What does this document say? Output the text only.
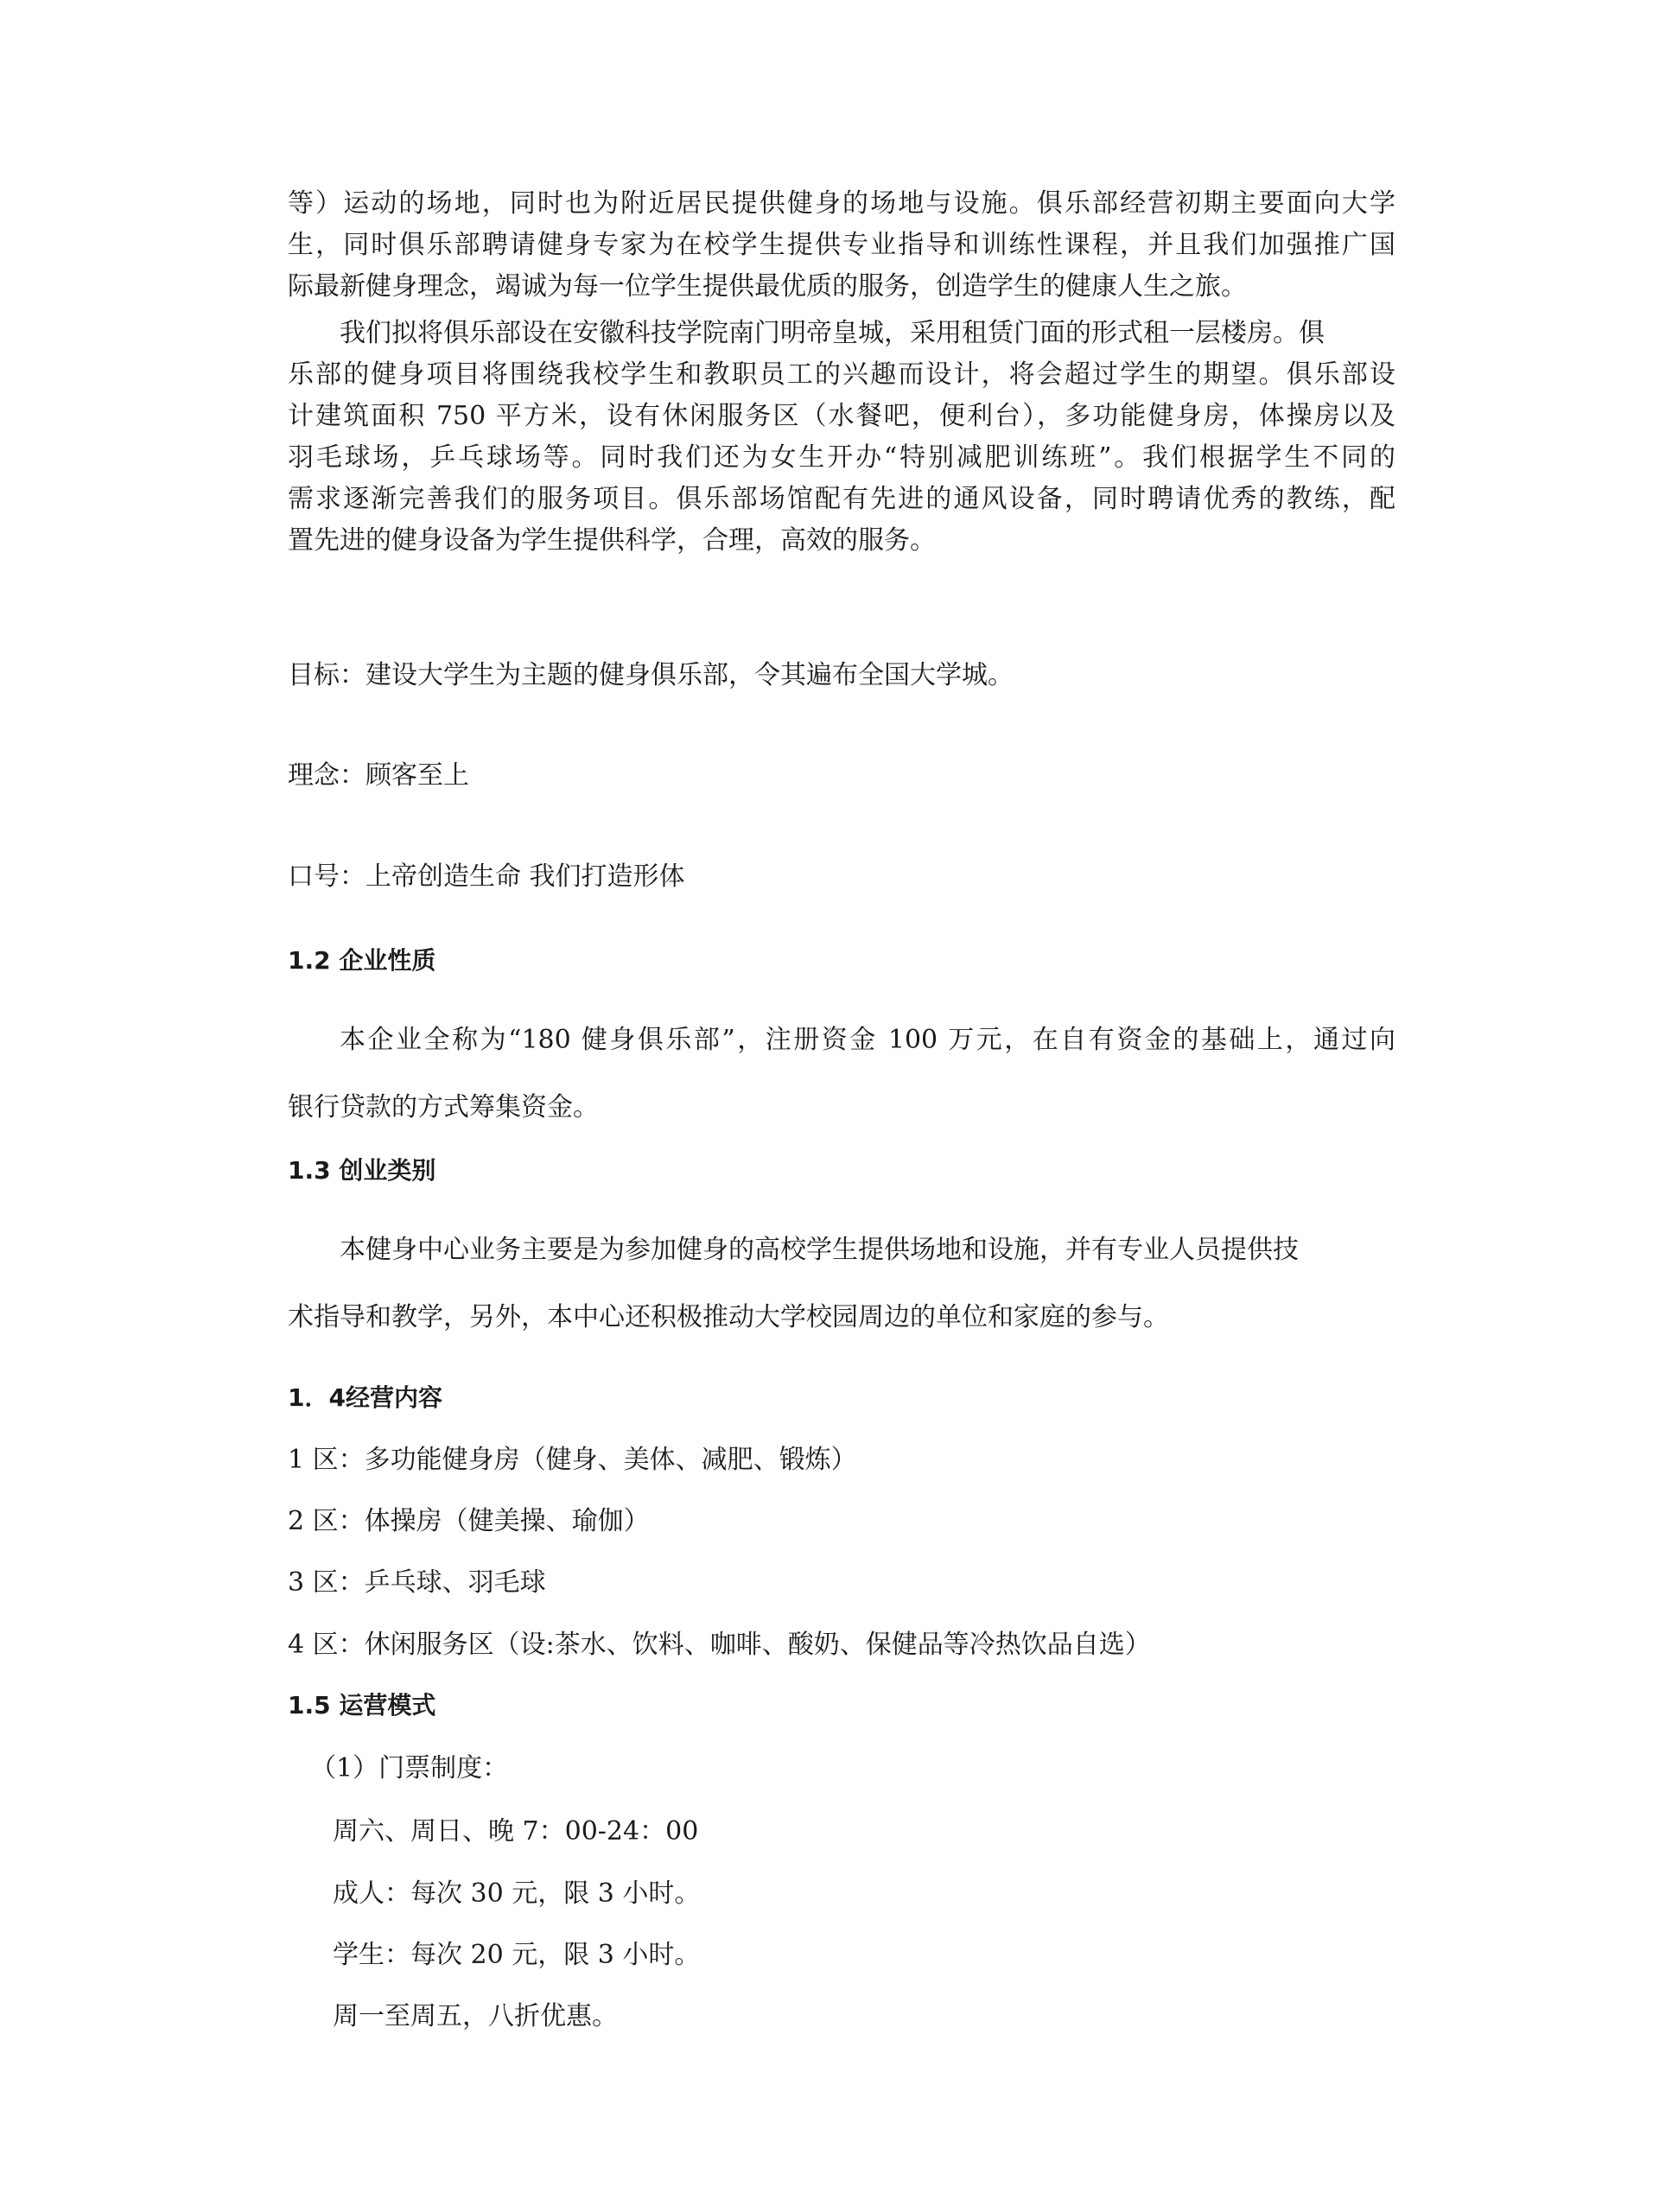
等）运动的场地，同时也为附近居民提供健身的场地与设施。俱乐部经营初期主要面向大学
生，同时俱乐部聘请健身专家为在校学生提供专业指导和训练性课程，并且我们加强推广国
际最新健身理念，竭诚为每一位学生提供最优质的服务，创造学生的健康人生之旅。
我们拟将俱乐部设在安徽科技学院南门明帝皇城，采用租赁门面的形式租一层楼房。俱
乐部的健身项目将围绕我校学生和教职员工的兴趣而设计，将会超过学生的期望。俱乐部设
计建筑面积 750 平方米，设有休闲服务区（水餐吧，便利台），多功能健身房，体操房以及
羽毛球场，乒乓球场等。同时我们还为女生开办“特别减肥训练班”。我们根据学生不同的
需求逐渐完善我们的服务项目。俱乐部场馆配有先进的通风设备，同时聘请优秀的教练，配
置先进的健身设备为学生提供科学，合理，高效的服务。
目标：建设大学生为主题的健身俱乐部，令其遍布全国大学城。
理念：顾客至上
口号：上帝创造生命 我们打造形体
1.2 企业性质
本企业全称为“180 健身俱乐部”，注册资金 100 万元，在自有资金的基础上，通过向
银行贷款的方式筹集资金。
1.3 创业类别
本健身中心业务主要是为参加健身的高校学生提供场地和设施，并有专业人员提供技
术指导和教学，另外，本中心还积极推动大学校园周边的单位和家庭的参与。
1．4经营内容
1 区：多功能健身房（健身、美体、减肥、锻炼）
2 区：体操房（健美操、瑜伽）
3 区：乒乓球、羽毛球
4 区：休闲服务区（设:茶水、饮料、咖啡、酸奶、保健品等冷热饮品自选）
1.5 运营模式
（1）门票制度：
周六、周日、晚 7：00-24：00
成人：每次 30 元，限 3 小时。
学生：每次 20 元，限 3 小时。
周一至周五，八折优惠。
